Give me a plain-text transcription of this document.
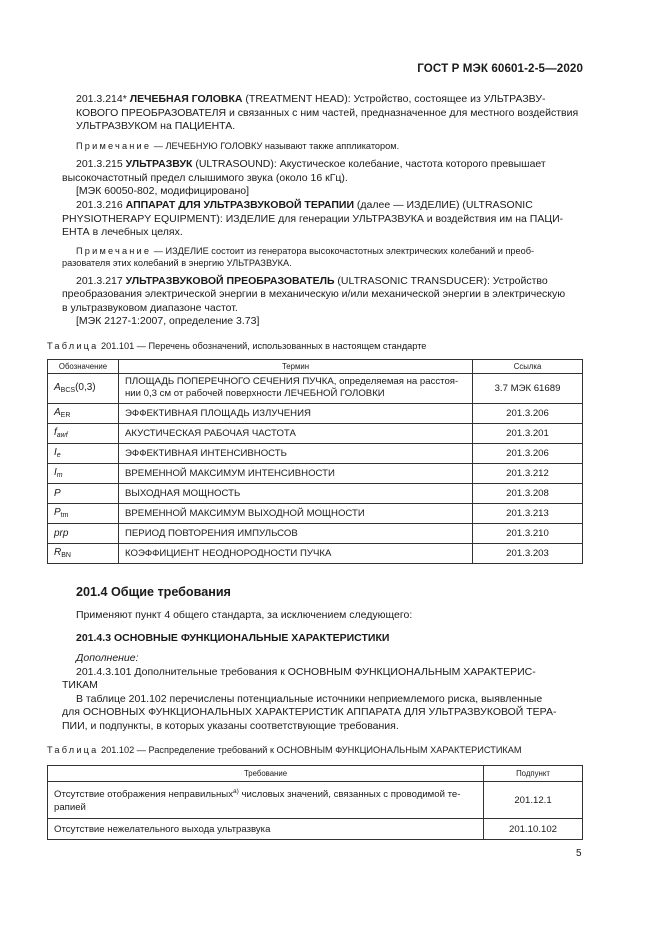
ГОСТ Р МЭК 60601-2-5—2020

201.3.214* ЛЕЧЕБНАЯ ГОЛОВКА (TREATMENT HEAD): Устройство, состоящее из УЛЬТРАЗВУ-
КОВОГО ПРЕОБРАЗОВАТЕЛЯ и связанных с ним частей, предназначенное для местного воздействия
УЛЬТРАЗВУКОМ на ПАЦИЕНТА.

Примечание — ЛЕЧЕБНУЮ ГОЛОВКУ называют также аппликатором.

201.3.215 УЛЬТРАЗВУК (ULTRASOUND): Акустическое колебание, частота которого превышает
высокочастотный предел слышимого звука (около 16 кГц).
[МЭК 60050-802, модифицировано]

201.3.216 АППАРАТ ДЛЯ УЛЬТРАЗВУКОВОЙ ТЕРАПИИ (далее — ИЗДЕЛИЕ) (ULTRASONIC
PHYSIOTHERAPY EQUIPMENT): ИЗДЕЛИЕ для генерации УЛЬТРАЗВУКА и воздействия им на ПАЦИ-
ЕНТА в лечебных целях.

Примечание — ИЗДЕЛИЕ состоит из генератора высокочастотных электрических колебаний и преоб-
разователя этих колебаний в энергию УЛЬТРАЗВУКА.

201.3.217 УЛЬТРАЗВУКОВОЙ ПРЕОБРАЗОВАТЕЛЬ (ULTRASONIC TRANSDUCER): Устройство
преобразования электрической энергии в механическую и/или механической энергии в электрическую
в ультразвуковом диапазоне частот.
[МЭК 2127-1:2007, определение 3.73]

Таблица 201.101 — Перечень обозначений, использованных в настоящем стандарте
Обозначение	Термин	Ссылка
$A_{BCS}(0,3)$	ПЛОЩАДЬ ПОПЕРЕЧНОГО СЕЧЕНИЯ ПУЧКА, определяемая на расстоя-
нии 0,3 см от рабочей поверхности ЛЕЧЕБНОЙ ГОЛОВКИ	3.7 МЭК 61689
$A_{ER}$	ЭФФЕКТИВНАЯ ПЛОЩАДЬ ИЗЛУЧЕНИЯ	201.3.206
$f_{awf}$	АКУСТИЧЕСКАЯ РАБОЧАЯ ЧАСТОТА	201.3.201
$I_e$	ЭФФЕКТИВНАЯ ИНТЕНСИВНОСТЬ	201.3.206
$I_m$	ВРЕМЕННОЙ МАКСИМУМ ИНТЕНСИВНОСТИ	201.3.212
P	ВЫХОДНАЯ МОЩНОСТЬ	201.3.208
$P_{tm}$	ВРЕМЕННОЙ МАКСИМУМ ВЫХОДНОЙ МОЩНОСТИ	201.3.213
prp	ПЕРИОД ПОВТОРЕНИЯ ИМПУЛЬСОВ	201.3.210
$R_{BN}$	КОЭФФИЦИЕНТ НЕОДНОРОДНОСТИ ПУЧКА	201.3.203
201.4 Общие требования

Применяют пункт 4 общего стандарта, за исключением следующего:

201.4.3 ОСНОВНЫЕ ФУНКЦИОНАЛЬНЫЕ ХАРАКТЕРИСТИКИ

Дополнение:

201.4.3.101 Дополнительные требования к ОСНОВНЫМ ФУНКЦИОНАЛЬНЫМ ХАРАКТЕРИС-
ТИКАМ

В таблице 201.102 перечислены потенциальные источники неприемлемого риска, выявленные
для ОСНОВНЫХ ФУНКЦИОНАЛЬНЫХ ХАРАКТЕРИСТИК АППАРАТА ДЛЯ УЛЬТРАЗВУКОВОЙ ТЕРА-
ПИИ, и подпункты, в которых указаны соответствующие требования.

Таблица 201.102 — Распределение требований к ОСНОВНЫМ ФУНКЦИОНАЛЬНЫМ ХАРАКТЕРИСТИКАМ
Требование	Подпункт
Отсутствие отображения неправильных$^{а)}$ числовых значений, связанных с проводимой те-
рапией	201.12.1
Отсутствие нежелательного выхода ультразвука	201.10.102
5
